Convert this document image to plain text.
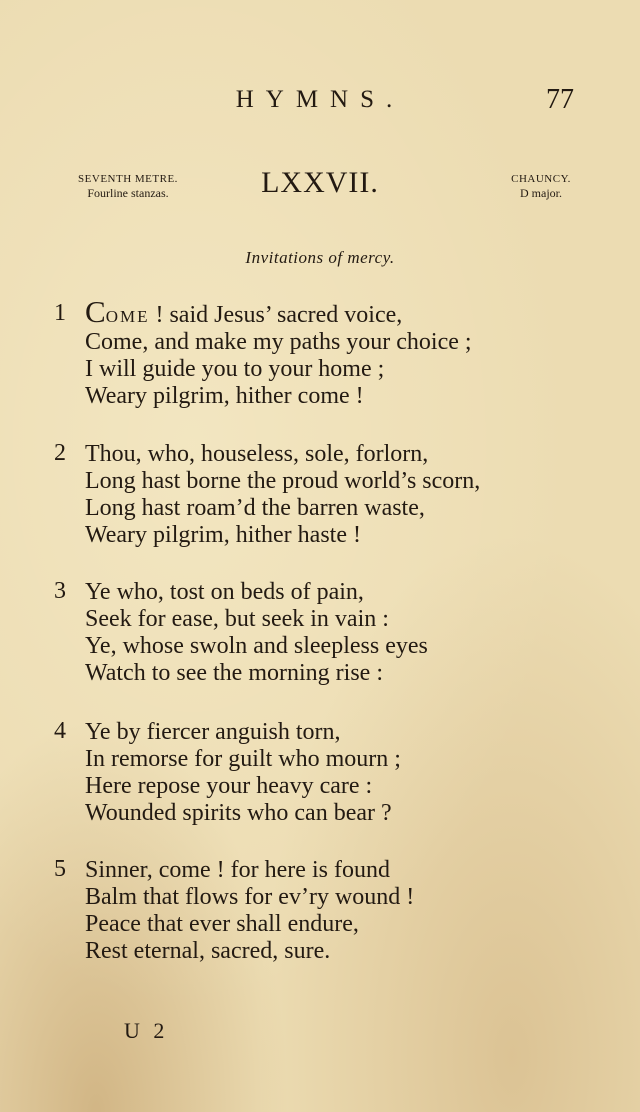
HYMNS.	77
SEVENTH METRE.
Fourline stanzas.	LXXVII.	CHAUNCY.
D major.
Invitations of mercy.
1 COME ! said Jesus’ sacred voice,
Come, and make my paths your choice ;
I will guide you to your home ;
Weary pilgrim, hither come !
2 Thou, who, houseless, sole, forlorn,
Long hast borne the proud world’s scorn,
Long hast roam’d the barren waste,
Weary pilgrim, hither haste !
3 Ye who, tost on beds of pain,
Seek for ease, but seek in vain :
Ye, whose swoln and sleepless eyes
Watch to see the morning rise :
4 Ye by fiercer anguish torn,
In remorse for guilt who mourn ;
Here repose your heavy care :
Wounded spirits who can bear ?
5 Sinner, come ! for here is found
Balm that flows for ev’ry wound !
Peace that ever shall endure,
Rest eternal, sacred, sure.
U 2
